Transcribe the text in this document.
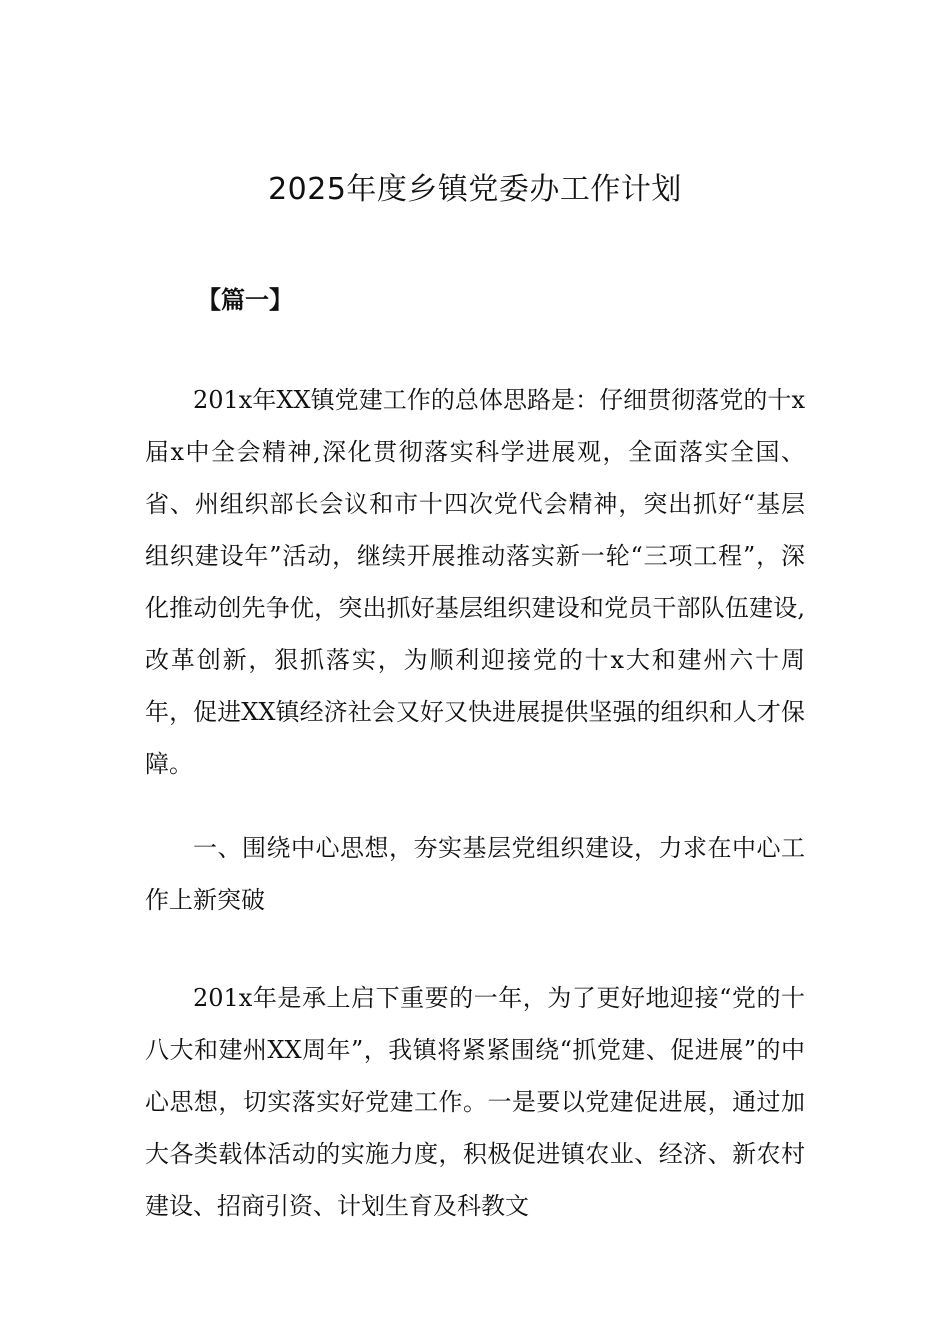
2025年度乡镇党委办工作计划
【篇一】

201x年XX镇党建工作的总体思路是：仔细贯彻落党的十x届x中全会精神,深化贯彻落实科学进展观，全面落实全国、省、州组织部长会议和市十四次党代会精神，突出抓好“基层组织建设年”活动，继续开展推动落实新一轮“三项工程”，深化推动创先争优，突出抓好基层组织建设和党员干部队伍建设,改革创新，狠抓落实，为顺利迎接党的十x大和建州六十周年，促进XX镇经济社会又好又快进展提供坚强的组织和人才保障。

一、围绕中心思想，夯实基层党组织建设，力求在中心工作上新突破

201x年是承上启下重要的一年，为了更好地迎接“党的十八大和建州XX周年”，我镇将紧紧围绕“抓党建、促进展”的中心思想，切实落实好党建工作。一是要以党建促进展，通过加大各类载体活动的实施力度，积极促进镇农业、经济、新农村建设、招商引资、计划生育及科教文
